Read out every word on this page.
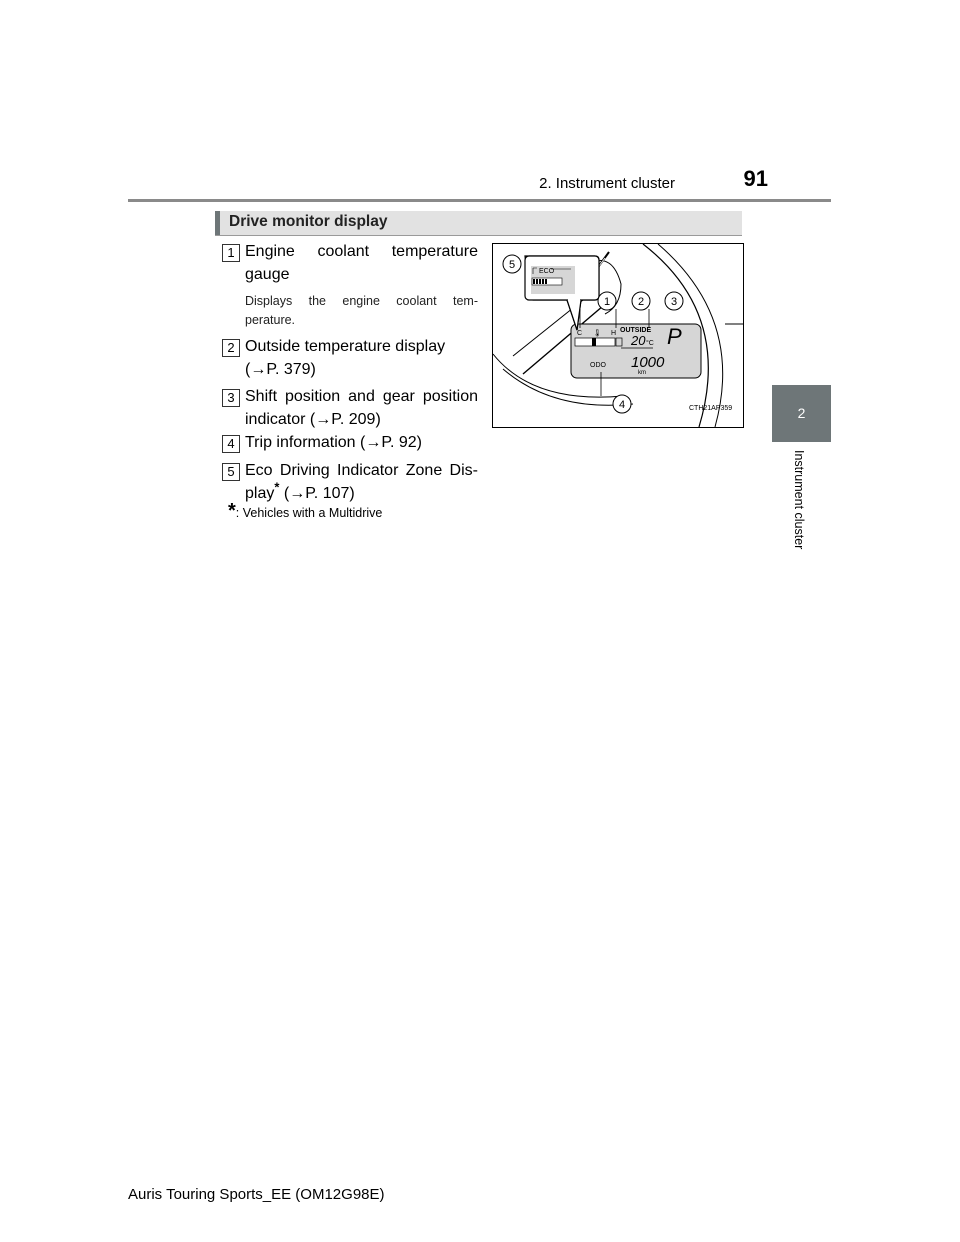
2. Instrument cluster	91
2
Instrument cluster
Drive monitor display
1 Engine coolant temperature
gauge
Displays the engine coolant tem-
perature.
2 Outside temperature display
(→P. 379)
3 Shift position and gear position
indicator (→P. 209)
4 Trip information (→P. 92)
5 Eco Driving Indicator Zone Dis-
play* (→P. 107)
*: Vehicles with a Multidrive
C 🌡 H OUTSIDE
20 °C P
ODO 1000
km
ECO
5
1	2 3
4	CTH21AP359
Auris Touring Sports_EE (OM12G98E)
